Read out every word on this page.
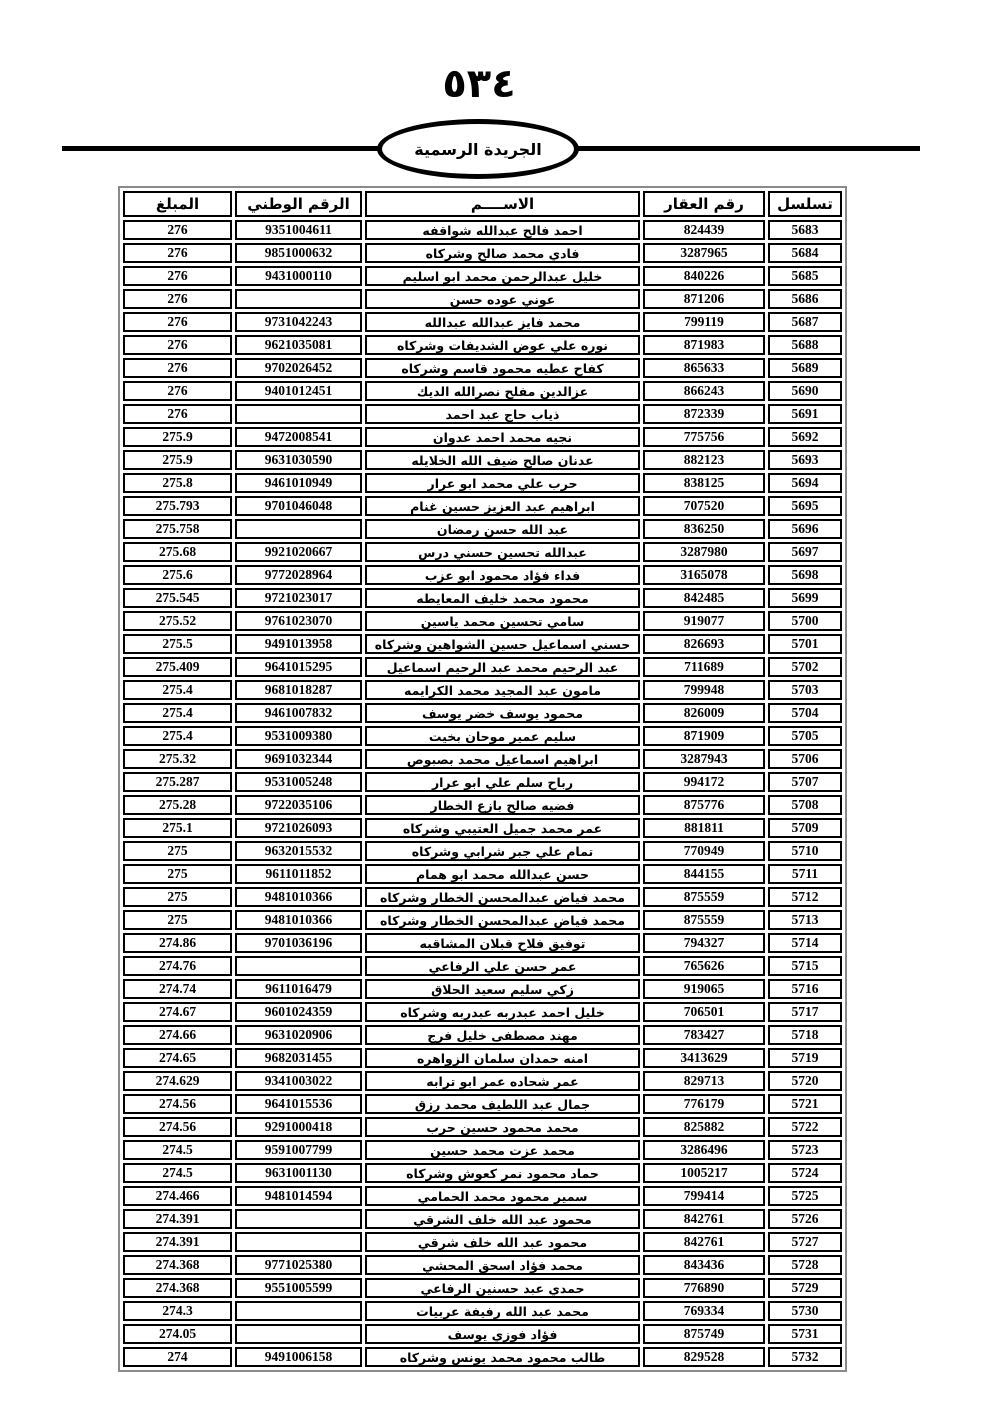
٥٣٤
الجريدة الرسمية
تسلسل	رقم العقار	الاســــم	الرقم الوطني	المبلغ
5683	824439	احمد فالح عبدالله شواقفه	9351004611	276
5684	3287965	فادي محمد صالح وشركاه	9851000632	276
5685	840226	خليل عبدالرحمن محمد ابو اسليم	9431000110	276
5686	871206	عوني عوده حسن		276
5687	799119	محمد فايز عبدالله عبدالله	9731042243	276
5688	871983	نوره علي عوض الشديفات وشركاه	9621035081	276
5689	865633	كفاح عطيه محمود قاسم وشركاه	9702026452	276
5690	866243	عزالدين مفلح نصرالله الديك	9401012451	276
5691	872339	ذياب حاج عبد احمد		276
5692	775756	نجيه محمد احمد عدوان	9472008541	275.9
5693	882123	عدنان صالح ضيف الله الخلايله	9631030590	275.9
5694	838125	حرب علي محمد ابو عرار	9461010949	275.8
5695	707520	ابراهيم عبد العزيز حسين غنام	9701046048	275.793
5696	836250	عبد الله حسن رمضان		275.758
5697	3287980	عبدالله تحسين حسني درس	9921020667	275.68
5698	3165078	فداء فؤاد محمود ابو عزب	9772028964	275.6
5699	842485	محمود محمد خليف المعايطه	9721023017	275.545
5700	919077	سامي تحسين محمد ياسين	9761023070	275.52
5701	826693	حسني اسماعيل حسين الشواهين وشركاه	9491013958	275.5
5702	711689	عبد الرحيم محمد عبد الرحيم اسماعيل	9641015295	275.409
5703	799948	مامون عبد المجيد محمد الكرايمه	9681018287	275.4
5704	826009	محمود يوسف خضر يوسف	9461007832	275.4
5705	871909	سليم عمير موحان بخيت	9531009380	275.4
5706	3287943	ابراهيم اسماعيل محمد بصبوص	9691032344	275.32
5707	994172	رباح سلم علي ابو عرار	9531005248	275.287
5708	875776	فضيه صالح بازع الخطار	9722035106	275.28
5709	881811	عمر محمد جميل العتيبي وشركاه	9721026093	275.1
5710	770949	تمام علي جبر شرابي وشركاه	9632015532	275
5711	844155	حسن عبدالله محمد ابو همام	9611011852	275
5712	875559	محمد فياض عبدالمحسن الخطار وشركاه	9481010366	275
5713	875559	محمد فياض عبدالمحسن الخطار وشركاه	9481010366	275
5714	794327	توفيق فلاح قبلان المشاقبه	9701036196	274.86
5715	765626	عمر حسن علي الرفاعي		274.76
5716	919065	زكي سليم سعيد الحلاق	9611016479	274.74
5717	706501	خليل احمد عبدربه عبدربه وشركاه	9601024359	274.67
5718	783427	مهند مصطفى خليل فرج	9631020906	274.66
5719	3413629	امنه حمدان سلمان الزواهره	9682031455	274.65
5720	829713	عمر شحاده عمر ابو ترابه	9341003022	274.629
5721	776179	جمال عبد اللطيف محمد رزق	9641015536	274.56
5722	825882	محمد محمود حسين حرب	9291000418	274.56
5723	3286496	محمد عزت محمد حسين	9591007799	274.5
5724	1005217	حماد محمود نمر كعوش وشركاه	9631001130	274.5
5725	799414	سمير محمود محمد الحمامي	9481014594	274.466
5726	842761	محمود عبد الله خلف الشرقي		274.391
5727	842761	محمود عبد الله خلف شرقي		274.391
5728	843436	محمد فؤاد اسحق المحشي	9771025380	274.368
5729	776890	حمدي عبد حسنين الرفاعي	9551005599	274.368
5730	769334	محمد عبد الله رفيفة عربيات		274.3
5731	875749	فؤاد فوزي يوسف		274.05
5732	829528	طالب محمود محمد يونس وشركاه	9491006158	274
